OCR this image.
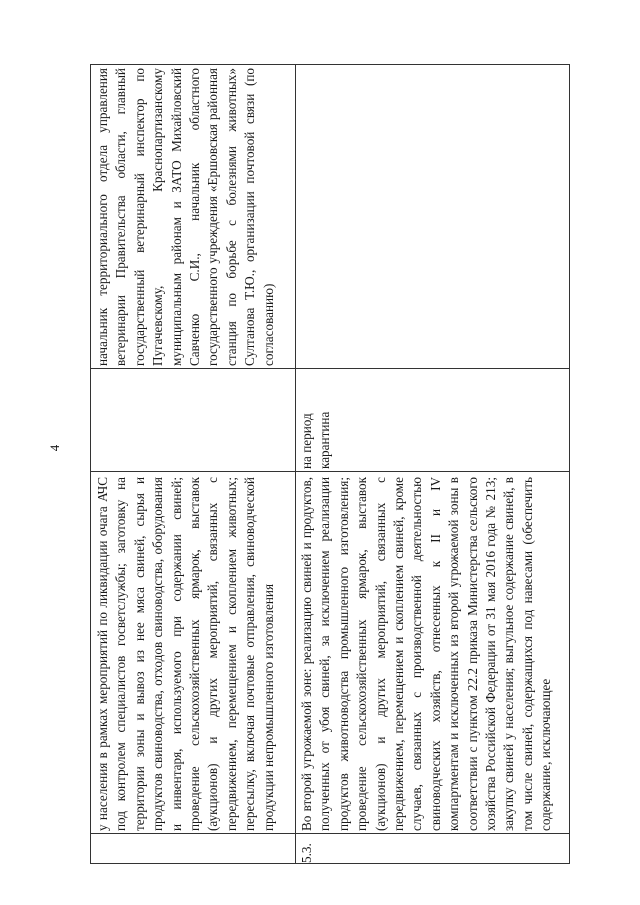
4
у населения в рамках мероприятий по ликвидации очага АЧС под контролем специалистов госветслужбы; заготовку на территории зоны и вывоз из нее мяса свиней, сырья и продуктов свиноводства, отходов свиноводства, оборудования и инвентаря, используемого при содержании свиней; проведение сельскохозяйственных ярмарок, выставок (аукционов) и других мероприятий, связанных с передвижением, перемещением и скоплением животных; пересылку, включая почтовые отправления, свиноводческой продукции непромышленного изготовления
начальник территориального отдела управления ветеринарии Правительства области, главный государственный ветеринарный инспектор по Пугачевскому, Краснопартизанскому муниципальным районам и ЗАТО Михайловский Савченко С.И., начальник областного государственного учреждения «Ершовская районная станция по борьбе с болезнями животных» Султанова Т.Ю., организации почтовой связи (по согласованию)
5.3.
Во второй угрожаемой зоне: реализацию свиней и продуктов, полученных от убоя свиней, за исключением реализации продуктов животноводства промышленного изготовления; проведение сельскохозяйственных ярмарок, выставок (аукционов) и других мероприятий, связанных с передвижением, перемещением и скоплением свиней, кроме случаев, связанных с производственной деятельностью свиноводческих хозяйств, отнесенных к II и IV компартментам и исключенных из второй угрожаемой зоны в соответствии с пунктом 22.2 приказа Министерства сельского хозяйства Российской Федерации от 31 мая 2016 года № 213; закупку свиней у населения; выгульное содержание свиней, в том числе свиней, содержащихся под навесами (обеспечить содержание, исключающее
на период карантина
